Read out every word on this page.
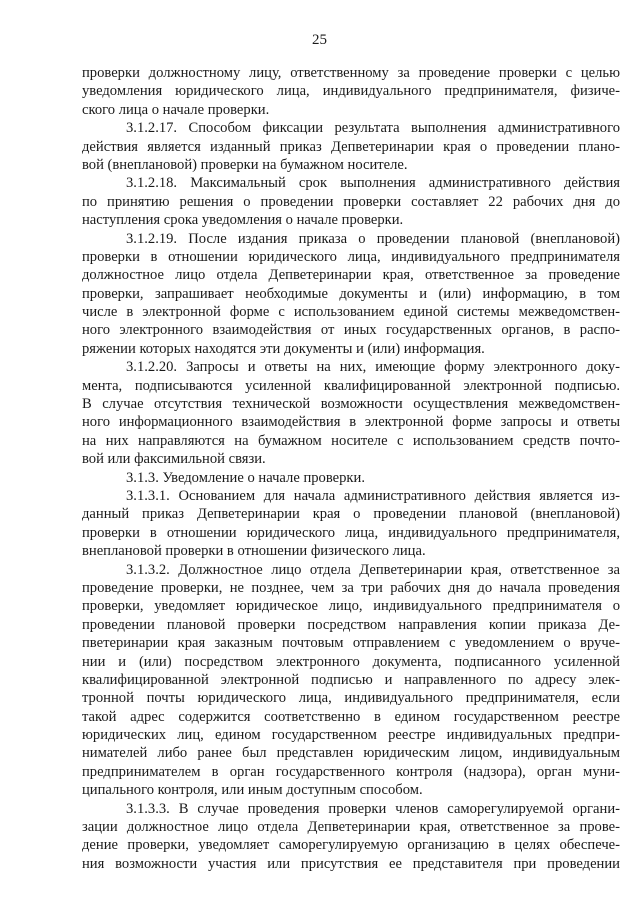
25
проверки должностному лицу, ответственному за проведение проверки с целью
уведомления юридического лица, индивидуального предпринимателя, физиче-
ского лица о начале проверки.
3.1.2.17. Способом фиксации результата выполнения административного
действия является изданный приказ Депветеринарии края о проведении плано-
вой (внеплановой) проверки на бумажном носителе.
3.1.2.18. Максимальный срок выполнения административного действия
по принятию решения о проведении проверки составляет 22 рабочих дня до
наступления срока уведомления о начале проверки.
3.1.2.19. После издания приказа о проведении плановой (внеплановой)
проверки в отношении юридического лица, индивидуального предпринимателя
должностное лицо отдела Депветеринарии края, ответственное за проведение
проверки, запрашивает необходимые документы и (или) информацию, в том
числе в электронной форме с использованием единой системы межведомствен-
ного электронного взаимодействия от иных государственных органов, в распо-
ряжении которых находятся эти документы и (или) информация.
3.1.2.20. Запросы и ответы на них, имеющие форму электронного доку-
мента, подписываются усиленной квалифицированной электронной подписью.
В случае отсутствия технической возможности осуществления межведомствен-
ного информационного взаимодействия в электронной форме запросы и ответы
на них направляются на бумажном носителе с использованием средств почто-
вой или факсимильной связи.
3.1.3. Уведомление о начале проверки.
3.1.3.1. Основанием для начала административного действия является из-
данный приказ Депветеринарии края о проведении плановой (внеплановой)
проверки в отношении юридического лица, индивидуального предпринимателя,
внеплановой проверки в отношении физического лица.
3.1.3.2. Должностное лицо отдела Депветеринарии края, ответственное за
проведение проверки, не позднее, чем за три рабочих дня до начала проведения
проверки, уведомляет юридическое лицо, индивидуального предпринимателя о
проведении плановой проверки посредством направления копии приказа Де-
пветеринарии края заказным почтовым отправлением с уведомлением о вруче-
нии и (или) посредством электронного документа, подписанного усиленной
квалифицированной электронной подписью и направленного по адресу элек-
тронной почты юридического лица, индивидуального предпринимателя, если
такой адрес содержится соответственно в едином государственном реестре
юридических лиц, едином государственном реестре индивидуальных предпри-
нимателей либо ранее был представлен юридическим лицом, индивидуальным
предпринимателем в орган государственного контроля (надзора), орган муни-
ципального контроля, или иным доступным способом.
3.1.3.3. В случае проведения проверки членов саморегулируемой органи-
зации должностное лицо отдела Депветеринарии края, ответственное за прове-
дение проверки, уведомляет саморегулируемую организацию в целях обеспече-
ния возможности участия или присутствия ее представителя при проведении
